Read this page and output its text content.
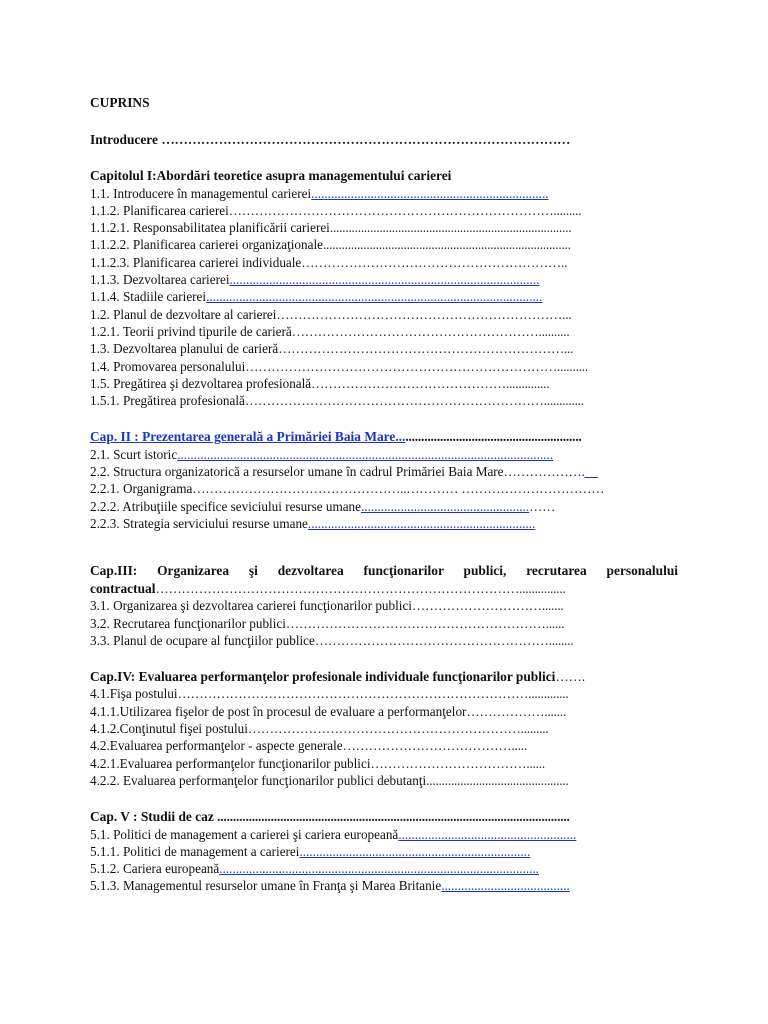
CUPRINS
Introducere …………………………………………………………………………………
Capitolul I:Abordări teoretice asupra managementului carierei
1.1. Introducere în managementul carierei........................................................................
1.1.2. Planificarea carierei………………………………………………………………….........
1.1.2.1. Responsabilitatea planificării carierei..............................................................................
1.1.2.2. Planificarea carierei organizaţionale................................................................................
1.1.2.3. Planificarea carierei individuale……………………………………………………..
1.1.3. Dezvoltarea carierei..............................................................................................
1.1.4. Stadiile carierei......................................................................................................
1.2. Planul de dezvoltare al carierei…………………………………………………………...
1.2.1. Teorii privind tipurile de carieră…………………………………………………..........
1.3. Dezvoltarea planului de carieră…………………………………………………………...
1.4. Promovarea personalului………………………………………………………………..........
1.5. Pregătirea şi dezvoltarea profesională………………………………………..............
1.5.1. Pregătirea profesională…………………………………………………………….............
Cap. II : Prezentarea generală a Primăriei Baia Mare...........................................................
2.1. Scurt istoric..................................................................................................................
2.2. Structura organizatorică a resurselor umane în cadrul Primăriei Baia Mare……………….__
2.2.1. Organigrama…………………………………………..………… ……………………………
2.2.2. Atribuţiile specifice seviciului resurse umane...................................................……
2.2.3. Strategia serviciului resurse umane.....................................................................
Cap.III: Organizarea şi dezvoltarea funcţionarilor publici, recrutarea personalului
contractual…………………………………………………………………………...............
3.1. Organizarea şi dezvoltarea carierei funcţionarilor publici………………………….......
3.2. Recrutarea funcţionarilor publici……………………………………………………......
3.3. Planul de ocupare al funcţiilor publice………………………………………………........
Cap.IV: Evaluarea performanţelor profesionale individuale funcţionarilor publici…….
4.1.Fişa postului……………………………………………………………………….............
4.1.1.Utilizarea fişelor de post în procesul de evaluare a performanţelor……………….......
4.1.2.Conţinutul fişei postului……………………………………………………….........
4.2.Evaluarea performanţelor - aspecte generale………………………………….....
4.2.1.Evaluarea performanţelor funcţionarilor publici………………………………......
4.2.2. Evaluarea performanţelor funcţionarilor publici debutanţi..............................................
Cap. V : Studii de caz ................................................................................................................
5.1. Politici de management a carierei şi cariera europeană......................................................
5.1.1. Politici de management a carierei......................................................................
5.1.2. Cariera europeană.................................................................................................
5.1.3. Managementul resurselor umane în Franţa şi Marea Britanie.......................................
